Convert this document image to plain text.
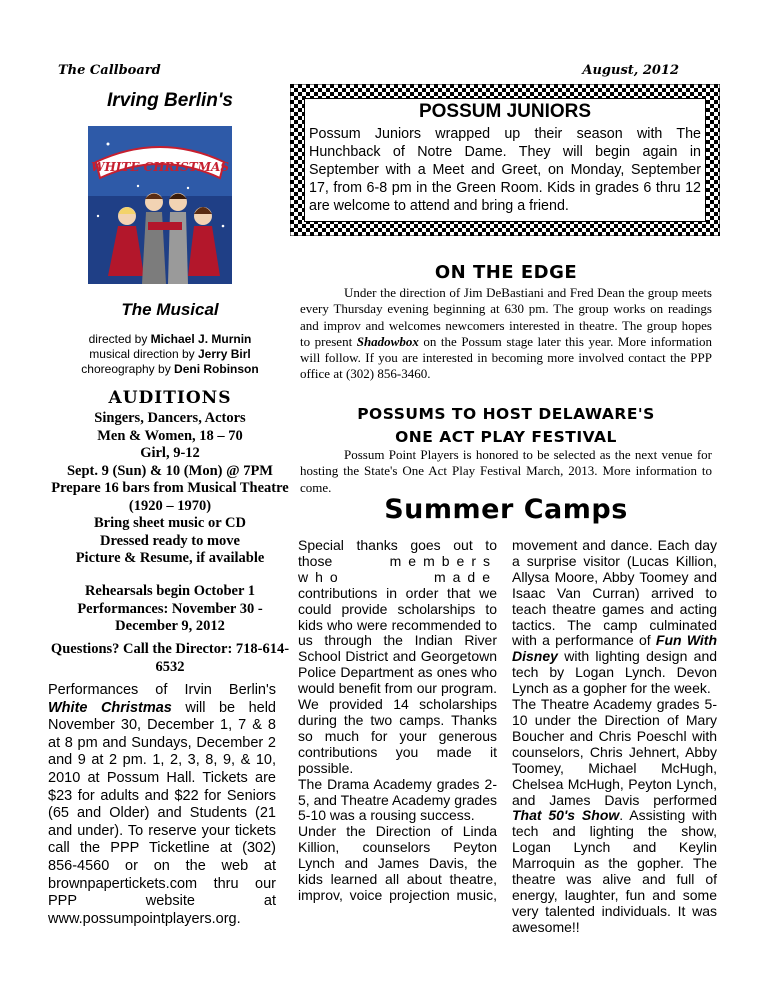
The Callboard	August, 2012
Irving Berlin's
WHITE CHRISTMAS
The Musical
directed by Michael J. Murnin
musical direction by Jerry Birl
choreography by Deni Robinson
AUDITIONS
Singers, Dancers, Actors
Men & Women, 18 – 70
Girl, 9-12
Sept. 9 (Sun) & 10 (Mon) @ 7PM
Prepare 16 bars from Musical Theatre (1920 – 1970)
Bring sheet music or CD
Dressed ready to move
Picture & Resume, if available
Rehearsals begin October 1
Performances: November 30 - December 9, 2012
Questions? Call the Director: 718-614-6532
Performances of Irvin Berlin's White Christmas will be held November 30, December 1, 7 & 8 at 8 pm and Sundays, December 2 and 9 at 2 pm. 1, 2, 3, 8, 9, & 10, 2010 at Possum Hall. Tickets are $23 for adults and $22 for Seniors (65 and Older) and Students (21 and under). To reserve your tickets call the PPP Ticketline at (302) 856-4560 or on the web at brownpapertickets.com thru our PPP website at www.possumpointplayers.org.
POSSUM JUNIORS
Possum Juniors wrapped up their season with The Hunchback of Notre Dame. They will begin again in September with a Meet and Greet, on Monday, September 17, from 6-8 pm in the Green Room. Kids in grades 6 thru 12 are welcome to attend and bring a friend.
ON THE EDGE
Under the direction of Jim DeBastiani and Fred Dean the group meets every Thursday evening beginning at 630 pm. The group works on readings and improv and welcomes newcomers interested in theatre. The group hopes to present Shadowbox on the Possum stage later this year. More information will follow. If you are interested in becoming more involved contact the PPP office at (302) 856-3460.
POSSUMS TO HOST DELAWARE'S
ONE ACT PLAY FESTIVAL
Possum Point Players is honored to be selected as the next venue for hosting the State's One Act Play Festival March, 2013. More information to come.
Summer Camps
Special thanks goes out to those members who made contributions in order that we could provide scholarships to kids who were recommended to us through the Indian River School District and Georgetown Police Department as ones who would benefit from our program. We provided 14 scholarships during the two camps. Thanks so much for your generous contributions you made it possible.
The Drama Academy grades 2-5, and Theatre Academy grades 5-10 was a rousing success.
Under the Direction of Linda Killion, counselors Peyton Lynch and James Davis, the kids learned all about theatre, improv, voice projection music,
movement and dance. Each day a surprise visitor (Lucas Killion, Allysa Moore, Abby Toomey and Isaac Van Curran) arrived to teach theatre games and acting tactics. The camp culminated with a performance of Fun With Disney with lighting design and tech by Logan Lynch. Devon Lynch as a gopher for the week.
The Theatre Academy grades 5-10 under the Direction of Mary Boucher and Chris Poeschl with counselors, Chris Jehnert, Abby Toomey, Michael McHugh, Chelsea McHugh, Peyton Lynch, and James Davis performed That 50's Show. Assisting with tech and lighting the show, Logan Lynch and Keylin Marroquin as the gopher. The theatre was alive and full of energy, laughter, fun and some very talented individuals. It was awesome!!
